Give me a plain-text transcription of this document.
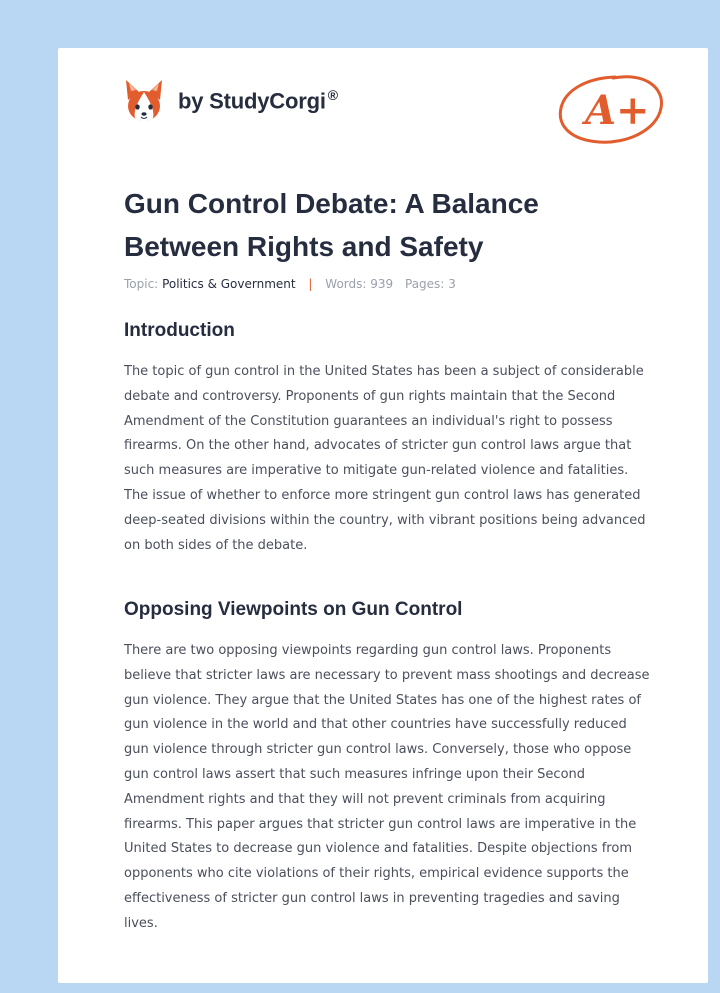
by StudyCorgi ®	A+
Gun Control Debate: A Balance Between Rights and Safety
Topic: Politics & Government | Words: 939 Pages: 3
Introduction

The topic of gun control in the United States has been a subject of considerable debate and controversy. Proponents of gun rights maintain that the Second Amendment of the Constitution guarantees an individual's right to possess firearms. On the other hand, advocates of stricter gun control laws argue that such measures are imperative to mitigate gun-related violence and fatalities. The issue of whether to enforce more stringent gun control laws has generated deep-seated divisions within the country, with vibrant positions being advanced on both sides of the debate.

Opposing Viewpoints on Gun Control

There are two opposing viewpoints regarding gun control laws. Proponents believe that stricter laws are necessary to prevent mass shootings and decrease gun violence. They argue that the United States has one of the highest rates of gun violence in the world and that other countries have successfully reduced gun violence through stricter gun control laws. Conversely, those who oppose gun control laws assert that such measures infringe upon their Second Amendment rights and that they will not prevent criminals from acquiring firearms. This paper argues that stricter gun control laws are imperative in the United States to decrease gun violence and fatalities. Despite objections from opponents who cite violations of their rights, empirical evidence supports the effectiveness of stricter gun control laws in preventing tragedies and saving lives.
